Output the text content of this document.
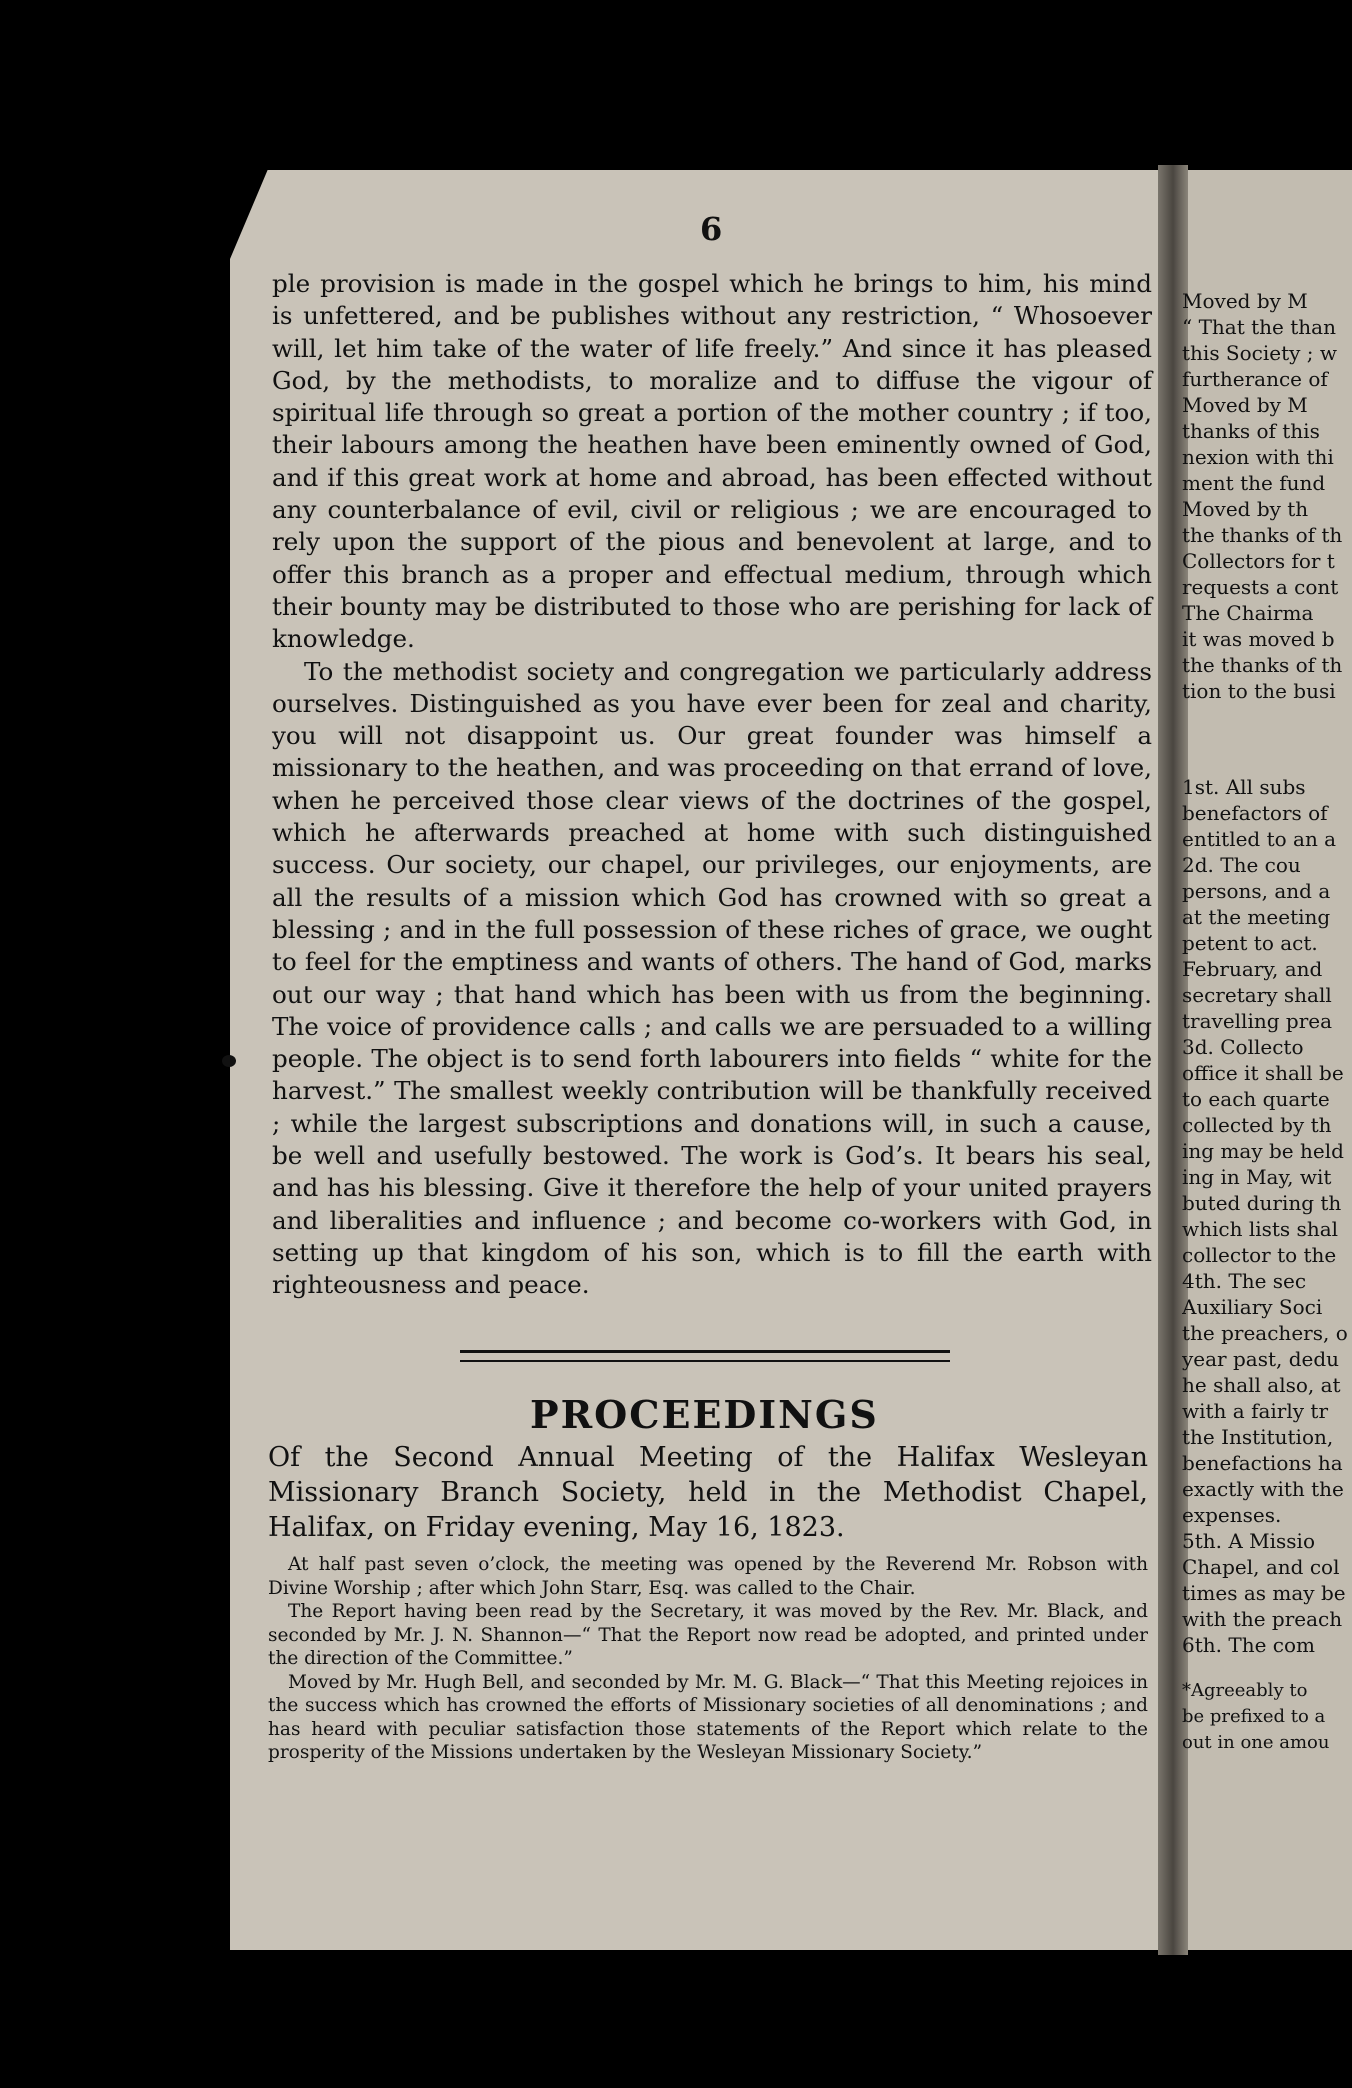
6

ple provision is made in the gospel which he brings to him, his mind is unfettered, and be publishes without any restriction, “ Whosoever will, let him take of the water of life freely.” And since it has pleased God, by the methodists, to moralize and to diffuse the vigour of spiritual life through so great a portion of the mother country ; if too, their labours among the heathen have been eminently owned of God, and if this great work at home and abroad, has been effected without any counterbalance of evil, civil or religious ; we are encouraged to rely upon the support of the pious and benevolent at large, and to offer this branch as a proper and effectual medium, through which their bounty may be distributed to those who are perishing for lack of knowledge.

To the methodist society and congregation we particularly address ourselves. Distinguished as you have ever been for zeal and charity, you will not disappoint us. Our great founder was himself a missionary to the heathen, and was proceeding on that errand of love, when he perceived those clear views of the doctrines of the gospel, which he afterwards preached at home with such distinguished success. Our society, our chapel, our privileges, our enjoyments, are all the results of a mission which God has crowned with so great a blessing ; and in the full possession of these riches of grace, we ought to feel for the emptiness and wants of others. The hand of God, marks out our way ; that hand which has been with us from the beginning. The voice of providence calls ; and calls we are persuaded to a willing people. The object is to send forth labourers into fields “ white for the harvest.” The smallest weekly contribution will be thankfully received ; while the largest subscriptions and donations will, in such a cause, be well and usefully bestowed. The work is God’s. It bears his seal, and has his blessing. Give it therefore the help of your united prayers and liberalities and influence ; and become co-workers with God, in setting up that kingdom of his son, which is to fill the earth with righteousness and peace.

PROCEEDINGS
Of the Second Annual Meeting of the Halifax Wesleyan Missionary Branch Society, held in the Methodist Chapel, Halifax, on Friday evening, May 16, 1823.

At half past seven o’clock, the meeting was opened by the Reverend Mr. Robson with Divine Worship ; after which John Starr, Esq. was called to the Chair.

The Report having been read by the Secretary, it was moved by the Rev. Mr. Black, and seconded by Mr. J. N. Shannon—“ That the Report now read be adopted, and printed under the direction of the Committee.”

Moved by Mr. Hugh Bell, and seconded by Mr. M. G. Black—“ That this Meeting rejoices in the success which has crowned the efforts of Missionary societies of all denominations ; and has heard with peculiar satisfaction those statements of the Report which relate to the prosperity of the Missions undertaken by the Wesleyan Missionary Society.”

Moved by M
“ That the than
this Society ; w
furtherance of
Moved by M
thanks of this
nexion with thi
ment the fund
Moved by th
the thanks of th
Collectors for t
requests a cont
The Chairma
it was moved b
the thanks of th
tion to the busi
1st. All subs
benefactors of
entitled to an a
2d. The cou
persons, and a
at the meeting
petent to act.
February, and
secretary shall
travelling prea
3d. Collecto
office it shall be
to each quarte
collected by th
ing may be held
ing in May, wit
buted during th
which lists shal
collector to the
4th. The sec
Auxiliary Soci
the preachers, o
year past, dedu
he shall also, at
with a fairly tr
the Institution,
benefactions ha
exactly with the
expenses.
5th. A Missio
Chapel, and col
times as may be
with the preach
6th. The com
*Agreeably to
be prefixed to a
out in one amou
